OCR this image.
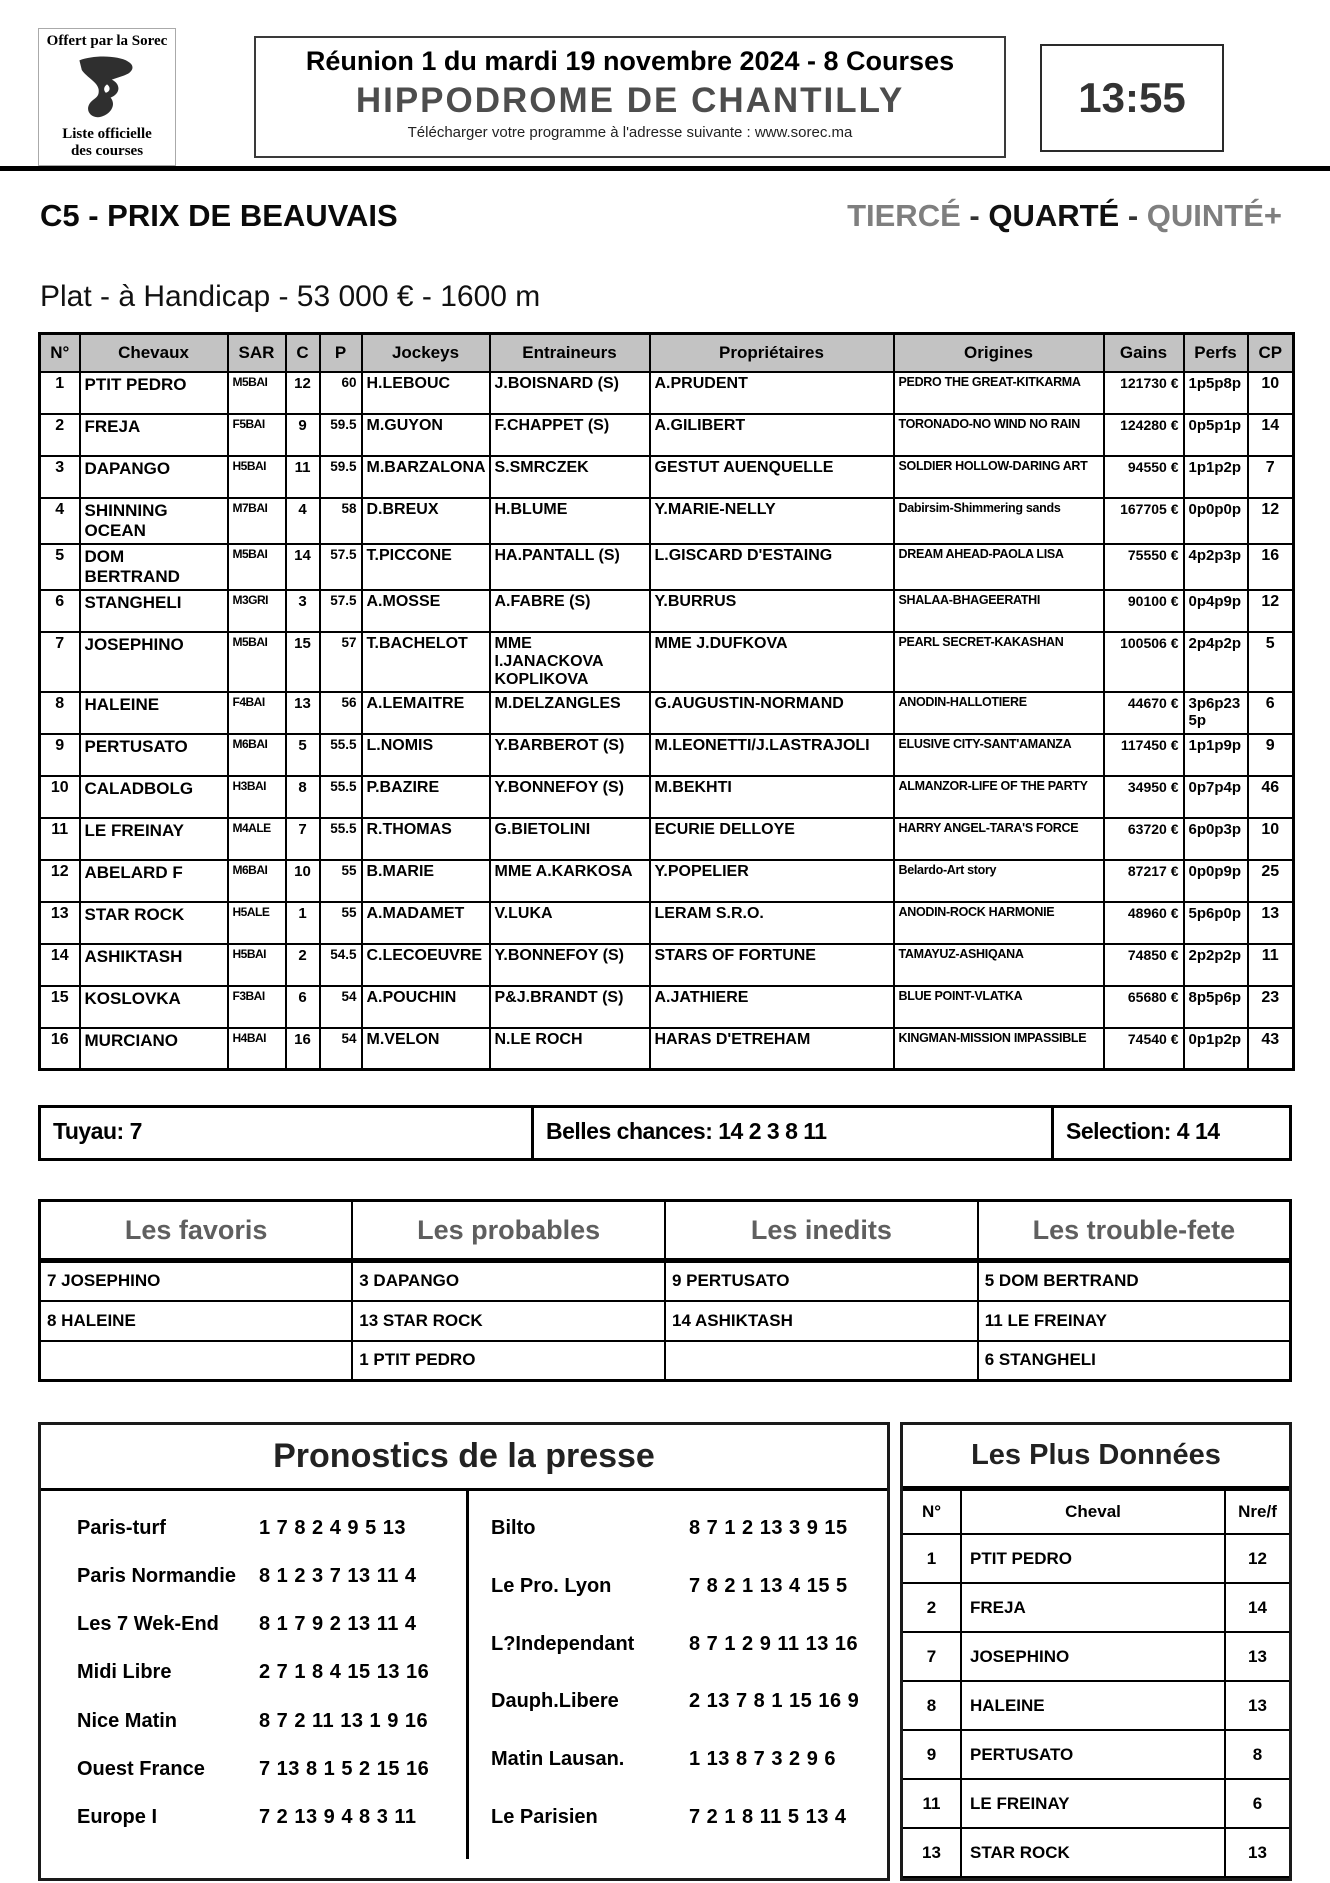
Offert par la Sorec
Liste officielle
des courses
Réunion 1 du mardi 19 novembre 2024 - 8 Courses
HIPPODROME DE CHANTILLY
Télécharger votre programme à l'adresse suivante : www.sorec.ma
13:55
C5 - PRIX DE BEAUVAIS	TIERCÉ - QUARTÉ - QUINTÉ+
Plat - à Handicap - 53 000 € - 1600 m
N°	Chevaux	SAR	C	P	Jockeys	Entraineurs	Propriétaires	Origines	Gains	Perfs	CP
1	PTIT PEDRO	M5BAI	12	60	H.LEBOUC	J.BOISNARD (S)	A.PRUDENT	PEDRO THE GREAT-KITKARMA	121730 €	1p5p8p	10
2	FREJA	F5BAI	9	59.5	M.GUYON	F.CHAPPET (S)	A.GILIBERT	TORONADO-NO WIND NO RAIN	124280 €	0p5p1p	14
3	DAPANGO	H5BAI	11	59.5	M.BARZALONA	S.SMRCZEK	GESTUT AUENQUELLE	SOLDIER HOLLOW-DARING ART	94550 €	1p1p2p	7
4	SHINNING OCEAN	M7BAI	4	58	D.BREUX	H.BLUME	Y.MARIE-NELLY	Dabirsim-Shimmering sands	167705 €	0p0p0p	12
5	DOM BERTRAND	M5BAI	14	57.5	T.PICCONE	HA.PANTALL (S)	L.GISCARD D'ESTAING	DREAM AHEAD-PAOLA LISA	75550 €	4p2p3p	16
6	STANGHELI	M3GRI	3	57.5	A.MOSSE	A.FABRE (S)	Y.BURRUS	SHALAA-BHAGEERATHI	90100 €	0p4p9p	12
7	JOSEPHINO	M5BAI	15	57	T.BACHELOT	MME I.JANACKOVA KOPLIKOVA	MME J.DUFKOVA	PEARL SECRET-KAKASHAN	100506 €	2p4p2p	5
8	HALEINE	F4BAI	13	56	A.LEMAITRE	M.DELZANGLES	G.AUGUSTIN-NORMAND	ANODIN-HALLOTIERE	44670 €	3p6p235p	6
9	PERTUSATO	M6BAI	5	55.5	L.NOMIS	Y.BARBEROT (S)	M.LEONETTI/J.LASTRAJOLI	ELUSIVE CITY-SANT'AMANZA	117450 €	1p1p9p	9
10	CALADBOLG	H3BAI	8	55.5	P.BAZIRE	Y.BONNEFOY (S)	M.BEKHTI	ALMANZOR-LIFE OF THE PARTY	34950 €	0p7p4p	46
11	LE FREINAY	M4ALE	7	55.5	R.THOMAS	G.BIETOLINI	ECURIE DELLOYE	HARRY ANGEL-TARA'S FORCE	63720 €	6p0p3p	10
12	ABELARD F	M6BAI	10	55	B.MARIE	MME A.KARKOSA	Y.POPELIER	Belardo-Art story	87217 €	0p0p9p	25
13	STAR ROCK	H5ALE	1	55	A.MADAMET	V.LUKA	LERAM S.R.O.	ANODIN-ROCK HARMONIE	48960 €	5p6p0p	13
14	ASHIKTASH	H5BAI	2	54.5	C.LECOEUVRE	Y.BONNEFOY (S)	STARS OF FORTUNE	TAMAYUZ-ASHIQANA	74850 €	2p2p2p	11
15	KOSLOVKA	F3BAI	6	54	A.POUCHIN	P&J.BRANDT (S)	A.JATHIERE	BLUE POINT-VLATKA	65680 €	8p5p6p	23
16	MURCIANO	H4BAI	16	54	M.VELON	N.LE ROCH	HARAS D'ETREHAM	KINGMAN-MISSION IMPASSIBLE	74540 €	0p1p2p	43
Tuyau: 7	Belles chances: 14 2 3 8 11	Selection: 4 14
Les favoris	Les probables	Les inedits	Les trouble-fete
7 JOSEPHINO	3 DAPANGO	9 PERTUSATO	5 DOM BERTRAND
8 HALEINE	13 STAR ROCK	14 ASHIKTASH	11 LE FREINAY
	1 PTIT PEDRO		6 STANGHELI
Pronostics de la presse
Paris-turf	1 7 8 2 4 9 5 13
Paris Normandie	8 1 2 3 7 13 11 4
Les 7 Wek-End	8 1 7 9 2 13 11 4
Midi Libre	2 7 1 8 4 15 13 16
Nice Matin	8 7 2 11 13 1 9 16
Ouest France	7 13 8 1 5 2 15 16
Europe I	7 2 13 9 4 8 3 11
Bilto	8 7 1 2 13 3 9 15
Le Pro. Lyon	7 8 2 1 13 4 15 5
L?Independant	8 7 1 2 9 11 13 16
Dauph.Libere	2 13 7 8 1 15 16 9
Matin Lausan.	1 13 8 7 3 2 9 6
Le Parisien	7 2 1 8 11 5 13 4
Les Plus Données
N°	Cheval	Nre/f
1	PTIT PEDRO	12
2	FREJA	14
7	JOSEPHINO	13
8	HALEINE	13
9	PERTUSATO	8
11	LE FREINAY	6
13	STAR ROCK	13
